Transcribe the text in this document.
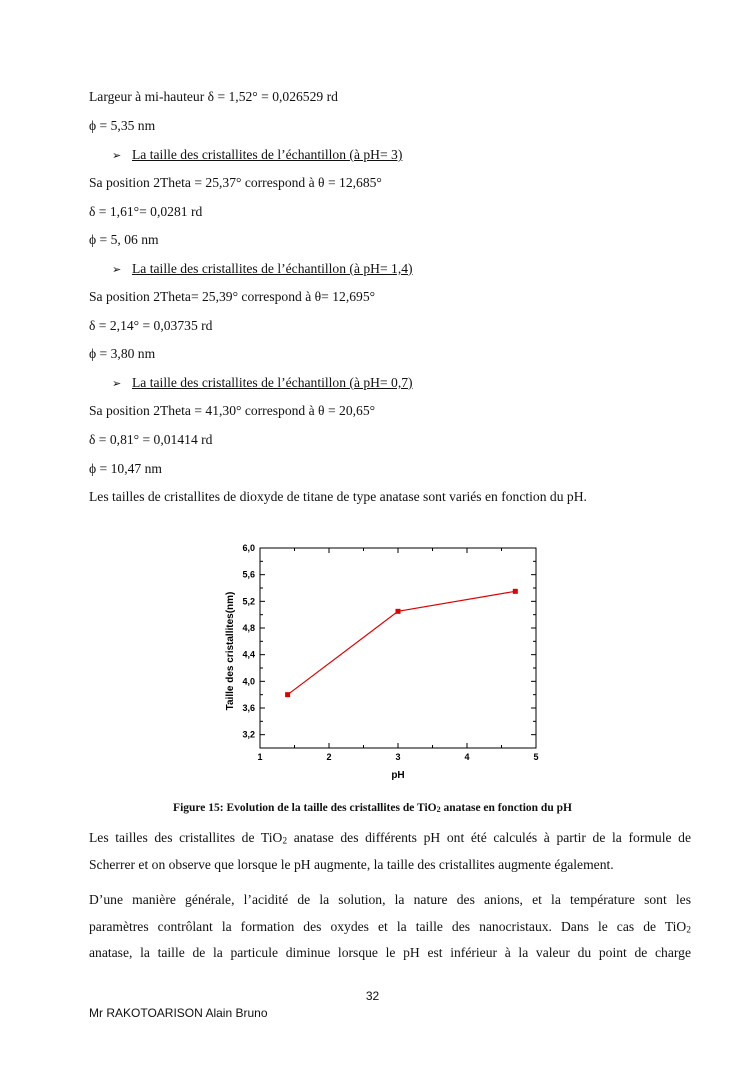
Largeur à mi-hauteur δ = 1,52° = 0,026529 rd
ϕ = 5,35 nm
➢ La taille des cristallites de l’échantillon (à pH= 3)
Sa position 2Theta = 25,37° correspond à θ = 12,685°
δ = 1,61°= 0,0281 rd
ϕ = 5, 06 nm
➢ La taille des cristallites de l’échantillon (à pH= 1,4)
Sa position 2Theta= 25,39° correspond à θ= 12,695°
δ = 2,14° = 0,03735 rd
ϕ = 3,80 nm
➢ La taille des cristallites de l’échantillon (à pH= 0,7)
Sa position 2Theta = 41,30° correspond à θ = 20,65°
δ = 0,81° = 0,01414 rd
ϕ = 10,47 nm
Les tailles de cristallites de dioxyde de titane de type anatase sont variés en fonction du pH.
3,2
3,6
4,0
4,4
4,8
5,2
5,6
6,0
1	2	3	4	5
pH
Taille des cristallites(nm)
Figure 15: Evolution de la taille des cristallites de TiO$_2$ anatase en fonction du pH
Les tailles des cristallites de TiO$_2$ anatase des différents pH ont été calculés à partir de la formule de
Scherrer et on observe que lorsque le pH augmente, la taille des cristallites augmente également.
D’une manière générale, l’acidité de la solution, la nature des anions, et la température sont les
paramètres contrôlant la formation des oxydes et la taille des nanocristaux. Dans le cas de TiO$_2$
anatase, la taille de la particule diminue lorsque le pH est inférieur à la valeur du point de charge
32
Mr RAKOTOARISON Alain Bruno
